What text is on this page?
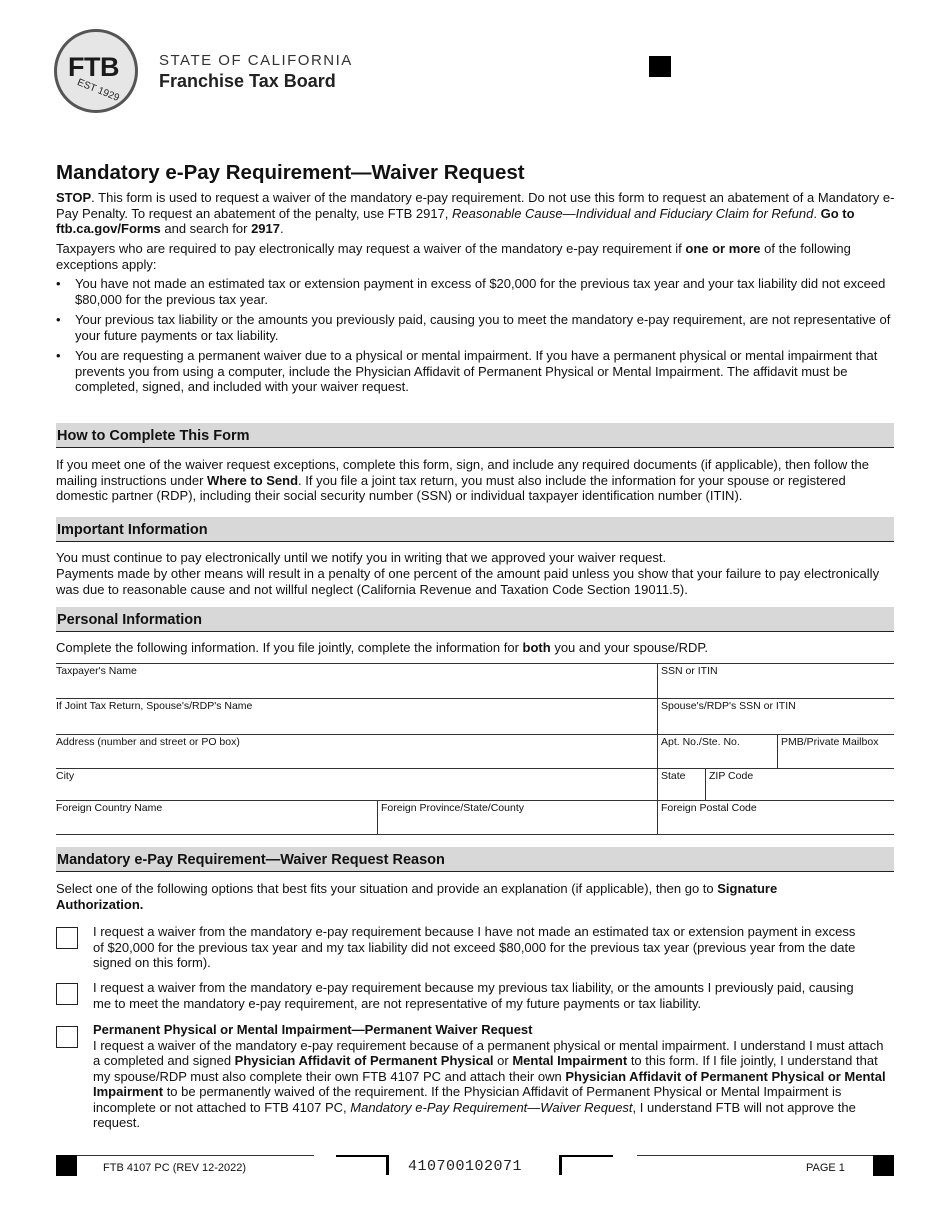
FTB
EST 1929
STATE OF CALIFORNIA
Franchise Tax Board
Mandatory e-Pay Requirement—Waiver Request
STOP. This form is used to request a waiver of the mandatory e-pay requirement. Do not use this form to request an abatement of a Mandatory e-Pay Penalty. To request an abatement of the penalty, use FTB 2917, Reasonable Cause—Individual and Fiduciary Claim for Refund. Go to ftb.ca.gov/Forms and search for 2917.
Taxpayers who are required to pay electronically may request a waiver of the mandatory e-pay requirement if one or more of the following exceptions apply:
• You have not made an estimated tax or extension payment in excess of $20,000 for the previous tax year and your tax liability did not exceed $80,000 for the previous tax year.
• Your previous tax liability or the amounts you previously paid, causing you to meet the mandatory e-pay requirement, are not representative of your future payments or tax liability.
• You are requesting a permanent waiver due to a physical or mental impairment. If you have a permanent physical or mental impairment that prevents you from using a computer, include the Physician Affidavit of Permanent Physical or Mental Impairment. The affidavit must be completed, signed, and included with your waiver request.
How to Complete This Form
If you meet one of the waiver request exceptions, complete this form, sign, and include any required documents (if applicable), then follow the mailing instructions under Where to Send. If you file a joint tax return, you must also include the information for your spouse or registered domestic partner (RDP), including their social security number (SSN) or individual taxpayer identification number (ITIN).
Important Information
You must continue to pay electronically until we notify you in writing that we approved your waiver request.
Payments made by other means will result in a penalty of one percent of the amount paid unless you show that your failure to pay electronically was due to reasonable cause and not willful neglect (California Revenue and Taxation Code Section 19011.5).
Personal Information
Complete the following information. If you file jointly, complete the information for both you and your spouse/RDP.
Taxpayer's Name	SSN or ITIN
If Joint Tax Return, Spouse's/RDP's Name	Spouse's/RDP's SSN or ITIN
Address (number and street or PO box)	Apt. No./Ste. No.	PMB/Private Mailbox
City	State ZIP Code
Foreign Country Name	Foreign Province/State/County	Foreign Postal Code
Mandatory e-Pay Requirement—Waiver Request Reason
Select one of the following options that best fits your situation and provide an explanation (if applicable), then go to Signature Authorization.
I request a waiver from the mandatory e-pay requirement because I have not made an estimated tax or extension payment in excess of $20,000 for the previous tax year and my tax liability did not exceed $80,000 for the previous tax year (previous year from the date signed on this form).
I request a waiver from the mandatory e-pay requirement because my previous tax liability, or the amounts I previously paid, causing me to meet the mandatory e-pay requirement, are not representative of my future payments or tax liability.
Permanent Physical or Mental Impairment—Permanent Waiver Request
I request a waiver of the mandatory e-pay requirement because of a permanent physical or mental impairment. I understand I must attach a completed and signed Physician Affidavit of Permanent Physical or Mental Impairment to this form. If I file jointly, I understand that my spouse/RDP must also complete their own FTB 4107 PC and attach their own Physician Affidavit of Permanent Physical or Mental Impairment to be permanently waived of the requirement. If the Physician Affidavit of Permanent Physical or Mental Impairment is incomplete or not attached to FTB 4107 PC, Mandatory e-Pay Requirement—Waiver Request, I understand FTB will not approve the request.
FTB 4107 PC (REV 12-2022)	410700102071	PAGE 1
